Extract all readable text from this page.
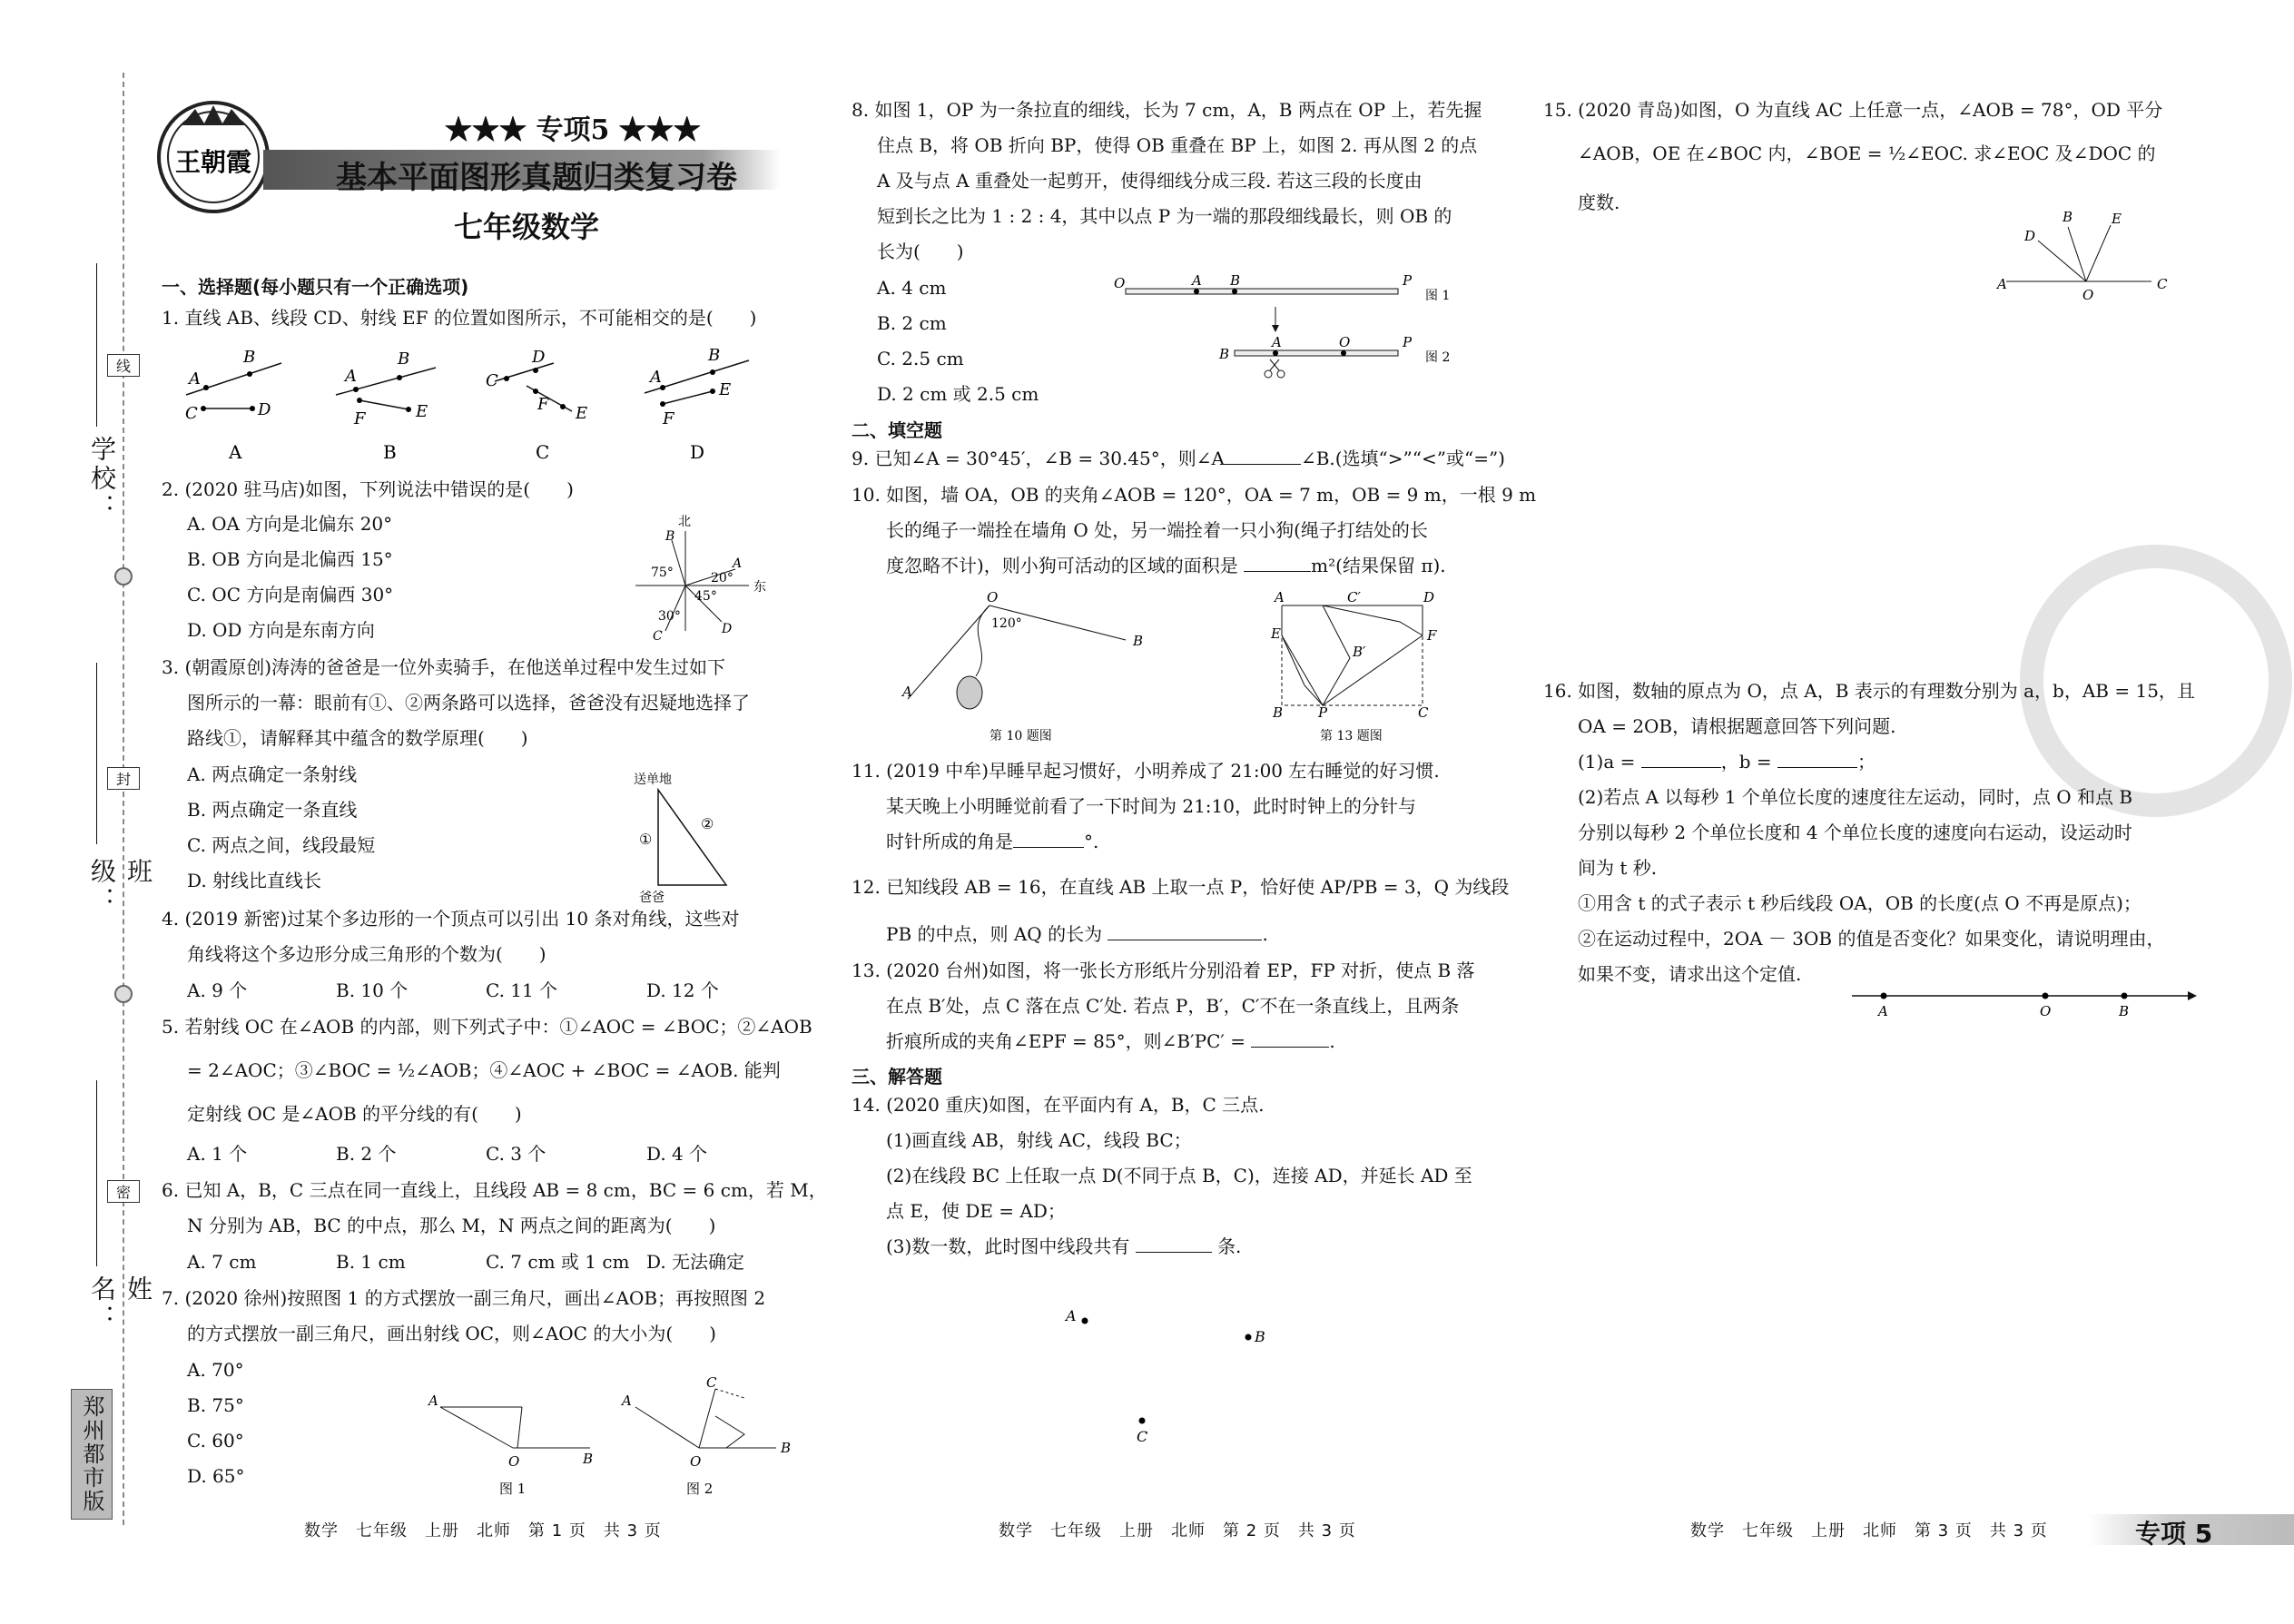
学校：
班级：
姓名：
线
封
密
郑州都市版
王朝霞
★★★ 专项5 ★★★
基本平面图形真题归类复习卷
七年级数学
一、选择题(每小题只有一个正确选项)
1. 直线 AB、线段 CD、射线 EF 的位置如图所示，不可能相交的是(　　)
A
B
C	D
A
B
F	E
C
D
F E
A
B
F
E
A	B	C	D
2. (2020 驻马店)如图，下列说法中错误的是(　　)
A. OA 方向是北偏东 20°
B. OB 方向是北偏西 15°
C. OC 方向是南偏西 30°
D. OD 方向是东南方向
北
东
75°	20°
45°
30°
A
B
C	D
3. (朝霞原创)涛涛的爸爸是一位外卖骑手，在他送单过程中发生过如下
图所示的一幕：眼前有①、②两条路可以选择，爸爸没有迟疑地选择了
路线①，请解释其中蕴含的数学原理(　　)
A. 两点确定一条射线
B. 两点确定一条直线
C. 两点之间，线段最短
D. 射线比直线长
送单地
爸爸
①
②
4. (2019 新密)过某个多边形的一个顶点可以引出 10 条对角线，这些对
角线将这个多边形分成三角形的个数为(　　)
A. 9 个	B. 10 个	C. 11 个	D. 12 个
5. 若射线 OC 在∠AOB 的内部，则下列式子中：①∠AOC = ∠BOC；②∠AOB
= 2∠AOC；③∠BOC = ½∠AOB；④∠AOC + ∠BOC = ∠AOB. 能判
定射线 OC 是∠AOB 的平分线的有(　　)
A. 1 个	B. 2 个	C. 3 个	D. 4 个
6. 已知 A，B，C 三点在同一直线上，且线段 AB = 8 cm，BC = 6 cm，若 M，
N 分别为 AB，BC 的中点，那么 M，N 两点之间的距离为(　　)
A. 7 cm	B. 1 cm	C. 7 cm 或 1 cm D. 无法确定
7. (2020 徐州)按照图 1 的方式摆放一副三角尺，画出∠AOB；再按照图 2
的方式摆放一副三角尺，画出射线 OC，则∠AOC 的大小为(　　)
A. 70°
B. 75°
C. 60°
D. 65°
A
O	B
图 1
A
O
B
C
图 2
8. 如图 1，OP 为一条拉直的细线，长为 7 cm，A，B 两点在 OP 上，若先握
住点 B，将 OB 折向 BP，使得 OB 重叠在 BP 上，如图 2. 再从图 2 的点
A 及与点 A 重叠处一起剪开，使得细线分成三段. 若这三段的长度由
短到长之比为 1 : 2 : 4，其中以点 P 为一端的那段细线最长，则 OB 的
长为(　　)
A. 4 cm
B. 2 cm
C. 2.5 cm
D. 2 cm 或 2.5 cm
O	A B	P
图 1
B
A	O	P
图 2
二、填空题
9. 已知∠A = 30°45′，∠B = 30.45°，则∠A	∠B.(选填“>”“<”或“=”)
10. 如图，墙 OA，OB 的夹角∠AOB = 120°，OA = 7 m，OB = 9 m，一根 9 m
长的绳子一端拴在墙角 O 处，另一端拴着一只小狗(绳子打结处的长
度忽略不计)，则小狗可活动的区域的面积是	m²(结果保留 π).
O
120°
A
B
第 10 题图
A	C′	D
E	F
B′
B	P	C
第 13 题图
11. (2019 中牟)早睡早起习惯好，小明养成了 21:00 左右睡觉的好习惯.
某天晚上小明睡觉前看了一下时间为 21:10，此时时钟上的分针与
时针所成的角是	°.
12. 已知线段 AB = 16，在直线 AB 上取一点 P，恰好使 AP/PB = 3，Q 为线段
PB 的中点，则 AQ 的长为	.
13. (2020 台州)如图，将一张长方形纸片分别沿着 EP，FP 对折，使点 B 落
在点 B′处，点 C 落在点 C′处. 若点 P，B′，C′不在一条直线上，且两条
折痕所成的夹角∠EPF = 85°，则∠B′PC′ =	.
三、解答题
14. (2020 重庆)如图，在平面内有 A，B，C 三点.
(1)画直线 AB，射线 AC，线段 BC；
(2)在线段 BC 上任取一点 D(不同于点 B，C)，连接 AD，并延长 AD 至
点 E，使 DE = AD；
(3)数一数，此时图中线段共有	条.
A
B
C
15. (2020 青岛)如图，O 为直线 AC 上任意一点，∠AOB = 78°，OD 平分
∠AOB，OE 在∠BOC 内，∠BOE = ½∠EOC. 求∠EOC 及∠DOC 的
度数.
A
O
C
D
B	E
16. 如图，数轴的原点为 O，点 A，B 表示的有理数分别为 a，b，AB = 15，且
OA = 2OB，请根据题意回答下列问题.
(1)a =	，b =	；
(2)若点 A 以每秒 1 个单位长度的速度往左运动，同时，点 O 和点 B
分别以每秒 2 个单位长度和 4 个单位长度的速度向右运动，设运动时
间为 t 秒.
①用含 t 的式子表示 t 秒后线段 OA，OB 的长度(点 O 不再是原点)；
②在运动过程中，2OA － 3OB 的值是否变化？如果变化，请说明理由，
如果不变，请求出这个定值.
A	O	B
数学　七年级　上册　北师　第 1 页　共 3 页	数学　七年级　上册　北师　第 2 页　共 3 页	数学　七年级　上册　北师　第 3 页　共 3 页	专项 5
